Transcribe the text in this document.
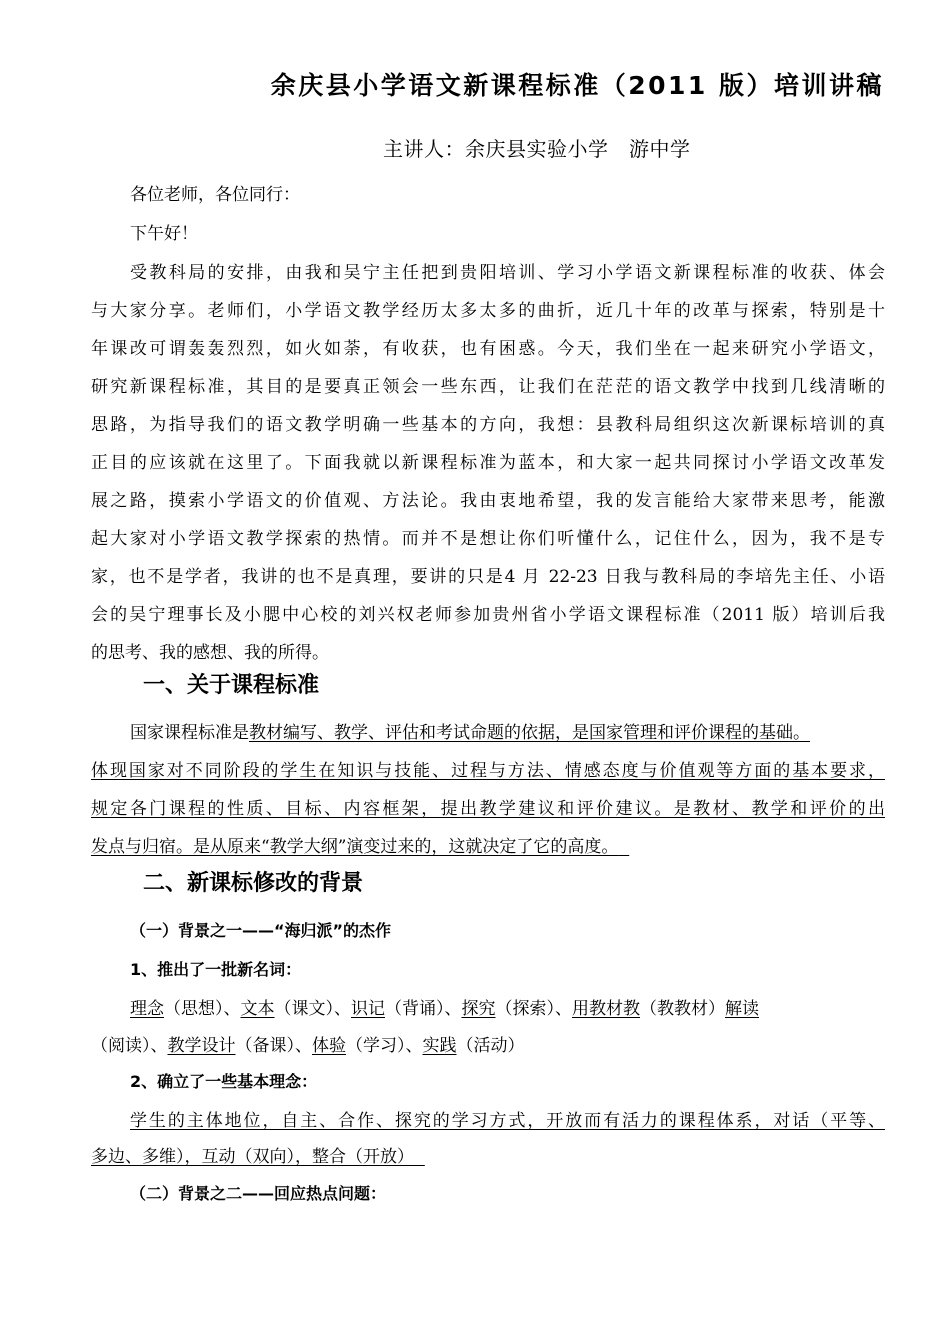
余庆县小学语文新课程标准（2011 版）培训讲稿
主讲人：余庆县实验小学　游中学
各位老师，各位同行：
下午好！
受教科局的安排，由我和吴宁主任把到贵阳培训、学习小学语文新课程标准的收获、体会
与大家分享。老师们，小学语文教学经历太多太多的曲折，近几十年的改革与探索，特别是十
年课改可谓轰轰烈烈，如火如荼，有收获，也有困惑。今天，我们坐在一起来研究小学语文，
研究新课程标准，其目的是要真正领会一些东西，让我们在茫茫的语文教学中找到几线清晰的
思路，为指导我们的语文教学明确一些基本的方向，我想：县教科局组织这次新课标培训的真
正目的应该就在这里了。下面我就以新课程标准为蓝本，和大家一起共同探讨小学语文改革发
展之路，摸索小学语文的价值观、方法论。我由衷地希望，我的发言能给大家带来思考，能激
起大家对小学语文教学探索的热情。而并不是想让你们听懂什么，记住什么，因为，我不是专
家，也不是学者，我讲的也不是真理，要讲的只是4 月 22-23 日我与教科局的李培先主任、小语
会的吴宁理事长及小腮中心校的刘兴权老师参加贵州省小学语文课程标准（2011 版）培训后我
的思考、我的感想、我的所得。
一、关于课程标准
国家课程标准是教材编写、教学、评估和考试命题的依据，是国家管理和评价课程的基础。
体现国家对不同阶段的学生在知识与技能、过程与方法、情感态度与价值观等方面的基本要求，
规定各门课程的性质、目标、内容框架，提出教学建议和评价建议。是教材、教学和评价的出
发点与归宿。是从原来“教学大纲”演变过来的，这就决定了它的高度。
二、新课标修改的背景
（一）背景之一——“海归派”的杰作
1、推出了一批新名词：
理念（思想）、文本（课文）、识记（背诵）、探究（探索）、用教材教（教教材）解读
（阅读）、教学设计（备课）、体验（学习）、实践（活动）
2、确立了一些基本理念：
学生的主体地位，自主、合作、探究的学习方式，开放而有活力的课程体系，对话（平等、
多边、多维），互动（双向），整合（开放）
（二）背景之二——回应热点问题：
